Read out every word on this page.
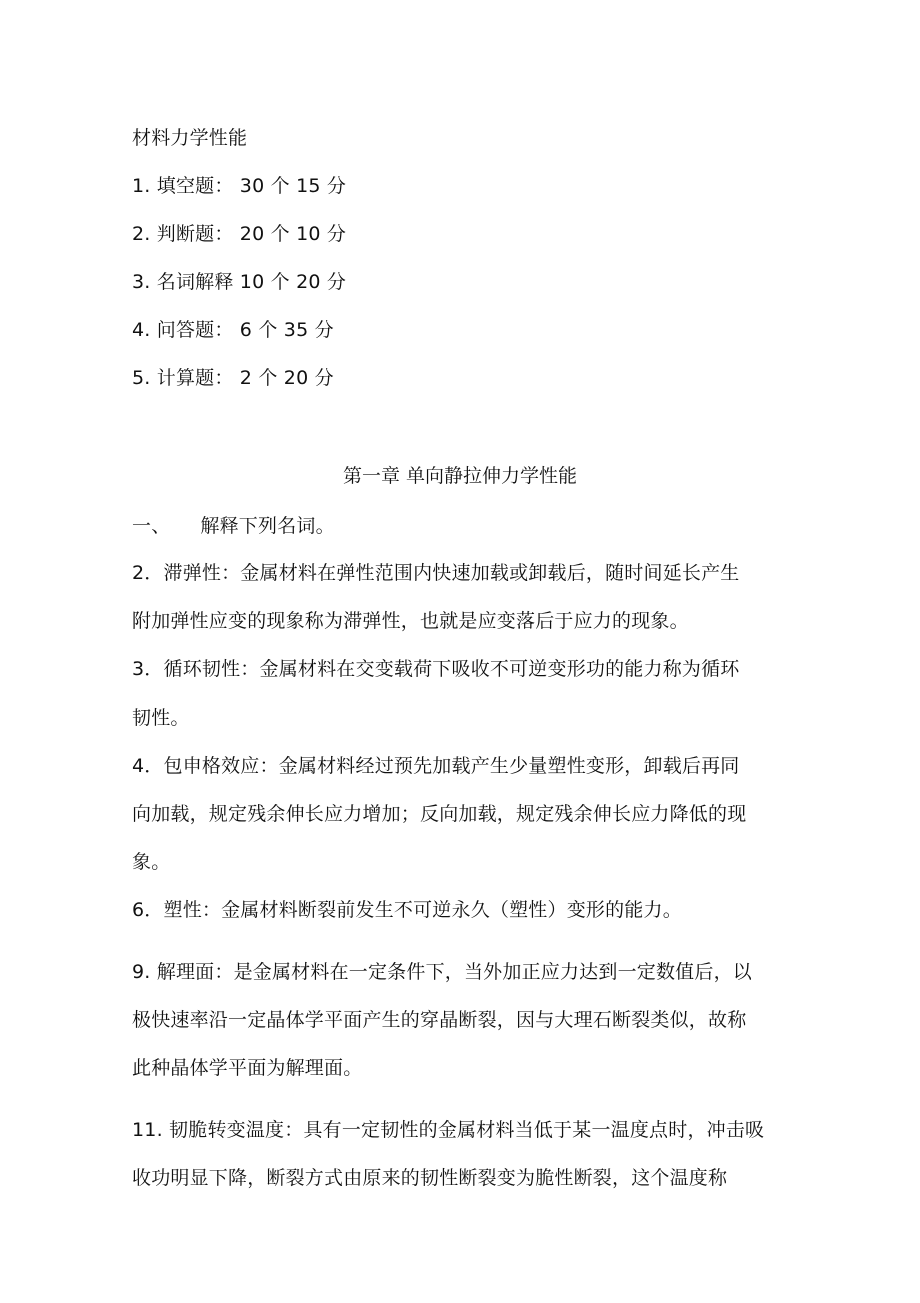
材料力学性能
1. 填空题： 30 个 15 分
2. 判断题： 20 个 10 分
3. 名词解释 10 个 20 分
4. 问答题： 6 个 35 分
5. 计算题： 2 个 20 分
第一章 单向静拉伸力学性能
一、 解释下列名词。
2．滞弹性：金属材料在弹性范围内快速加载或卸载后，随时间延长产生
附加弹性应变的现象称为滞弹性，也就是应变落后于应力的现象。
3．循环韧性：金属材料在交变载荷下吸收不可逆变形功的能力称为循环
韧性。
4．包申格效应：金属材料经过预先加载产生少量塑性变形，卸载后再同
向加载，规定残余伸长应力增加；反向加载，规定残余伸长应力降低的现
象。
6．塑性：金属材料断裂前发生不可逆永久（塑性）变形的能力。
9. 解理面：是金属材料在一定条件下，当外加正应力达到一定数值后，以
极快速率沿一定晶体学平面产生的穿晶断裂，因与大理石断裂类似，故称
此种晶体学平面为解理面。
11. 韧脆转变温度：具有一定韧性的金属材料当低于某一温度点时，冲击吸
收功明显下降，断裂方式由原来的韧性断裂变为脆性断裂，这个温度称
